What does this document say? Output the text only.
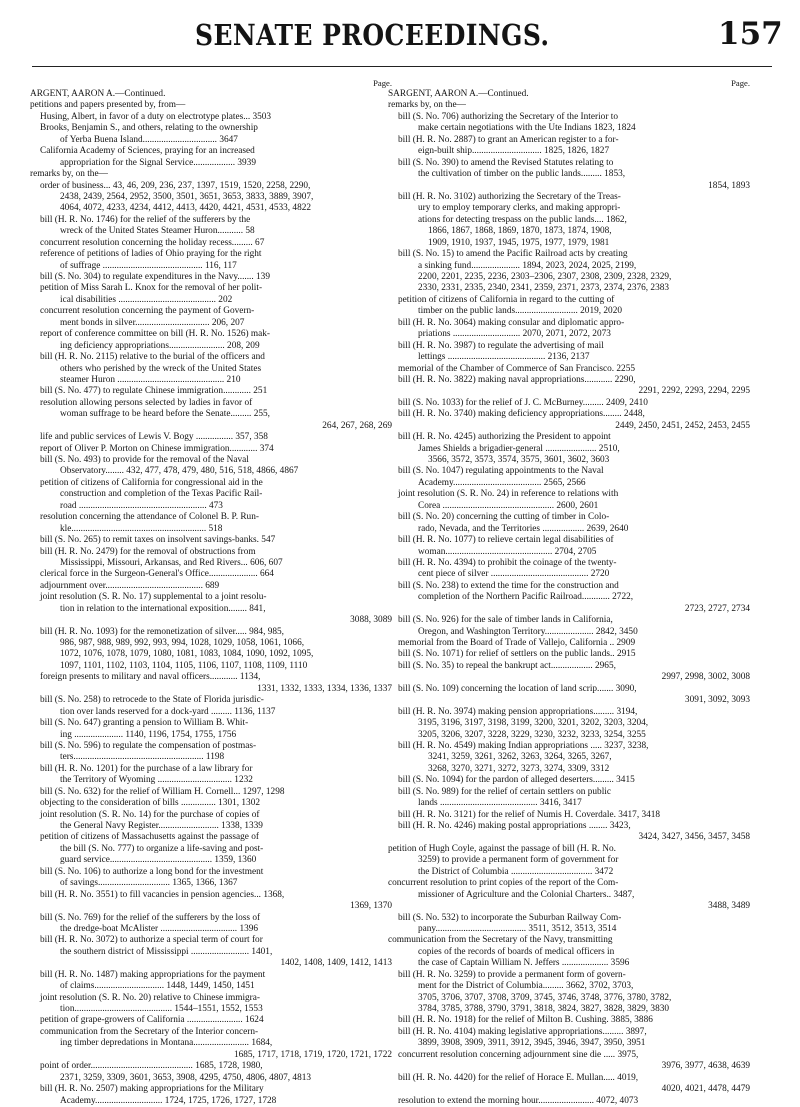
SENATE PROCEEDINGS.	157
Page.
ARGENT, AARON A.—Continued.
petitions and papers presented by, from—
Husing, Albert, in favor of a duty on electrotype plates... 3503
Brooks, Benjamin S., and others, relating to the ownership
of Yerba Buena Island................................ 3647
California Academy of Sciences, praying for an increased
appropriation for the Signal Service.................. 3939
remarks by, on the—
order of business... 43, 46, 209, 236, 237, 1397, 1519, 1520, 2258, 2290,
2438, 2439, 2564, 2952, 3500, 3501, 3651, 3653, 3833, 3889, 3907,
4064, 4072, 4233, 4234, 4412, 4413, 4420, 4421, 4531, 4533, 4822
bill (H. R. No. 1746) for the relief of the sufferers by the
wreck of the United States Steamer Huron........... 58
concurrent resolution concerning the holiday recess......... 67
reference of petitions of ladies of Ohio praying for the right
of suffrage ........................................... 116, 117
bill (S. No. 304) to regulate expenditures in the Navy....... 139
petition of Miss Sarah L. Knox for the removal of her polit-
ical disabilities .......................................... 202
concurrent resolution concerning the payment of Govern-
ment bonds in silver................................ 206, 207
report of conference committee on bill (H. R. No. 1526) mak-
ing deficiency appropriations........................ 208, 209
bill (H. R. No. 2115) relative to the burial of the officers and
others who perished by the wreck of the United States
steamer Huron .............................................. 210
bill (S. No. 477) to regulate Chinese immigration............ 251
resolution allowing persons selected by ladies in favor of
woman suffrage to be heard before the Senate......... 255,
264, 267, 268, 269
life and public services of Lewis V. Bogy ................ 357, 358
report of Oliver P. Morton on Chinese immigration............ 374
bill (S. No. 493) to provide for the removal of the Naval
Observatory........ 432, 477, 478, 479, 480, 516, 518, 4866, 4867
petition of citizens of California for congressional aid in the
construction and completion of the Texas Pacific Rail-
road ....................................................... 473
resolution concerning the attendance of Colonel B. P. Run-
kle.......................................................... 518
bill (S. No. 265) to remit taxes on insolvent savings-banks. 547
bill (H. R. No. 2479) for the removal of obstructions from
Mississippi, Missouri, Arkansas, and Red Rivers... 606, 607
clerical force in the Surgeon-General's Office..................... 664
adjournment over.......................................... 689
joint resolution (S. R. No. 17) supplemental to a joint resolu-
tion in relation to the international exposition........ 841,
3088, 3089
bill (H. R. No. 1093) for the remonetization of silver..... 984, 985,
986, 987, 988, 989, 992, 993, 994, 1028, 1029, 1058, 1061, 1066,
1072, 1076, 1078, 1079, 1080, 1081, 1083, 1084, 1090, 1092, 1095,
1097, 1101, 1102, 1103, 1104, 1105, 1106, 1107, 1108, 1109, 1110
foreign presents to military and naval officers............ 1134,
1331, 1332, 1333, 1334, 1336, 1337
bill (S. No. 258) to retrocede to the State of Florida jurisdic-
tion over lands reserved for a dock-yard ......... 1136, 1137
bill (S. No. 647) granting a pension to William B. Whit-
ing ..................... 1140, 1196, 1754, 1755, 1756
bill (S. No. 596) to regulate the compensation of postmas-
ters........................................................ 1198
bill (H. R. No. 1201) for the purchase of a law library for
the Territory of Wyoming ................................ 1232
bill (S. No. 632) for the relief of William H. Cornell... 1297, 1298
objecting to the consideration of bills ............... 1301, 1302
joint resolution (S. R. No. 14) for the purchase of copies of
the General Navy Register.......................... 1338, 1339
petition of citizens of Massachusetts against the passage of
the bill (S. No. 777) to organize a life-saving and post-
guard service............................................ 1359, 1360
bill (S. No. 106) to authorize a long bond for the investment
of savings............................... 1365, 1366, 1367
bill (H. R. No. 3551) to fill vacancies in pension agencies... 1368,
1369, 1370
bill (S. No. 769) for the relief of the sufferers by the loss of
the dredge-boat McAlister ................................. 1396
bill (H. R. No. 3072) to authorize a special term of court for
the southern district of Mississippi ......................... 1401,
1402, 1408, 1409, 1412, 1413
bill (H. R. No. 1487) making appropriations for the payment
of claims.............................. 1448, 1449, 1450, 1451
joint resolution (S. R. No. 20) relative to Chinese immigra-
tion.......................................... 1544–1551, 1552, 1553
petition of grape-growers of California ........................ 1624
communication from the Secretary of the Interior concern-
ing timber depredations in Montana........................ 1684,
1685, 1717, 1718, 1719, 1720, 1721, 1722
point of order............................................ 1685, 1728, 1980,
2371, 3259, 3309, 3601, 3653, 3908, 4295, 4750, 4806, 4807, 4813
bill (H. R. No. 2507) making appropriations for the Military
Academy............................. 1724, 1725, 1726, 1727, 1728
Page.
SARGENT, AARON A.—Continued.
remarks by, on the—
bill (S. No. 706) authorizing the Secretary of the Interior to
make certain negotiations with the Ute Indians 1823, 1824
bill (H. R. No. 2887) to grant an American register to a for-
eign-built ship.............................. 1825, 1826, 1827
bill (S. No. 390) to amend the Revised Statutes relating to
the cultivation of timber on the public lands......... 1853,
1854, 1893
bill (H. R. No. 3102) authorizing the Secretary of the Treas-
ury to employ temporary clerks, and making appropri-
ations for detecting trespass on the public lands.... 1862,
1866, 1867, 1868, 1869, 1870, 1873, 1874, 1908,
1909, 1910, 1937, 1945, 1975, 1977, 1979, 1981
bill (S. No. 15) to amend the Pacific Railroad acts by creating
a sinking fund..................... 1894, 2023, 2024, 2025, 2199,
2200, 2201, 2235, 2236, 2303–2306, 2307, 2308, 2309, 2328, 2329,
2330, 2331, 2335, 2340, 2341, 2359, 2371, 2373, 2374, 2376, 2383
petition of citizens of California in regard to the cutting of
timber on the public lands........................... 2019, 2020
bill (H. R. No. 3064) making consular and diplomatic appro-
priations ............................. 2070, 2071, 2072, 2073
bill (H. R. No. 3987) to regulate the advertising of mail
lettings .......................................... 2136, 2137
memorial of the Chamber of Commerce of San Francisco. 2255
bill (H. R. No. 3822) making naval appropriations............ 2290,
2291, 2292, 2293, 2294, 2295
bill (S. No. 1033) for the relief of J. C. McBurney......... 2409, 2410
bill (H. R. No. 3740) making deficiency appropriations........ 2448,
2449, 2450, 2451, 2452, 2453, 2455
bill (H. R. No. 4245) authorizing the President to appoint
James Shields a brigadier-general ...................... 2510,
3566, 3572, 3573, 3574, 3575, 3601, 3602, 3603
bill (S. No. 1047) regulating appointments to the Naval
Academy...................................... 2565, 2566
joint resolution (S. R. No. 24) in reference to relations with
Corea ................................................ 2600, 2601
bill (S. No. 20) concerning the cutting of timber in Colo-
rado, Nevada, and the Territories .................. 2639, 2640
bill (H. R. No. 1077) to relieve certain legal disabilities of
woman.............................................. 2704, 2705
bill (H. R. No. 4394) to prohibit the coinage of the twenty-
cent piece of silver .......................................... 2720
bill (S. No. 238) to extend the time for the construction and
completion of the Northern Pacific Railroad............ 2722,
2723, 2727, 2734
bill (S. No. 926) for the sale of timber lands in California,
Oregon, and Washington Territory..................... 2842, 3450
memorial from the Board of Trade of Vallejo, California .. 2909
bill (S. No. 1071) for relief of settlers on the public lands.. 2915
bill (S. No. 35) to repeal the bankrupt act.................. 2965,
2997, 2998, 3002, 3008
bill (S. No. 109) concerning the location of land scrip....... 3090,
3091, 3092, 3093
bill (H. R. No. 3974) making pension appropriations......... 3194,
3195, 3196, 3197, 3198, 3199, 3200, 3201, 3202, 3203, 3204,
3205, 3206, 3207, 3228, 3229, 3230, 3232, 3233, 3254, 3255
bill (H. R. No. 4549) making Indian appropriations ..... 3237, 3238,
3241, 3259, 3261, 3262, 3263, 3264, 3265, 3267,
3268, 3270, 3271, 3272, 3273, 3274, 3309, 3312
bill (S. No. 1094) for the pardon of alleged deserters......... 3415
bill (S. No. 989) for the relief of certain settlers on public
lands .......................................... 3416, 3417
bill (H. R. No. 3121) for the relief of Numis H. Coverdale. 3417, 3418
bill (H. R. No. 4246) making postal appropriations ........ 3423,
3424, 3427, 3456, 3457, 3458
petition of Hugh Coyle, against the passage of bill (H. R. No.
3259) to provide a permanent form of government for
the District of Columbia ................................... 3472
concurrent resolution to print copies of the report of the Com-
missioner of Agriculture and the Colonial Charters.. 3487,
3488, 3489
bill (S. No. 532) to incorporate the Suburban Railway Com-
pany....................................... 3511, 3512, 3513, 3514
communication from the Secretary of the Navy, transmitting
copies of the records of boards of medical officers in
the case of Captain William N. Jeffers .................... 3596
bill (H. R. No. 3259) to provide a permanent form of govern-
ment for the District of Columbia......... 3662, 3702, 3703,
3705, 3706, 3707, 3708, 3709, 3745, 3746, 3748, 3776, 3780, 3782,
3784, 3785, 3788, 3790, 3791, 3818, 3824, 3827, 3828, 3829, 3830
bill (H. R. No. 1918) for the relief of Milton B. Cushing. 3885, 3886
bill (H. R. No. 4104) making legislative appropriations......... 3897,
3899, 3908, 3909, 3911, 3912, 3945, 3946, 3947, 3950, 3951
concurrent resolution concerning adjournment sine die ..... 3975,
3976, 3977, 4638, 4639
bill (H. R. No. 4420) for the relief of Horace E. Mullan..... 4019,
4020, 4021, 4478, 4479
resolution to extend the morning hour........................ 4072, 4073
